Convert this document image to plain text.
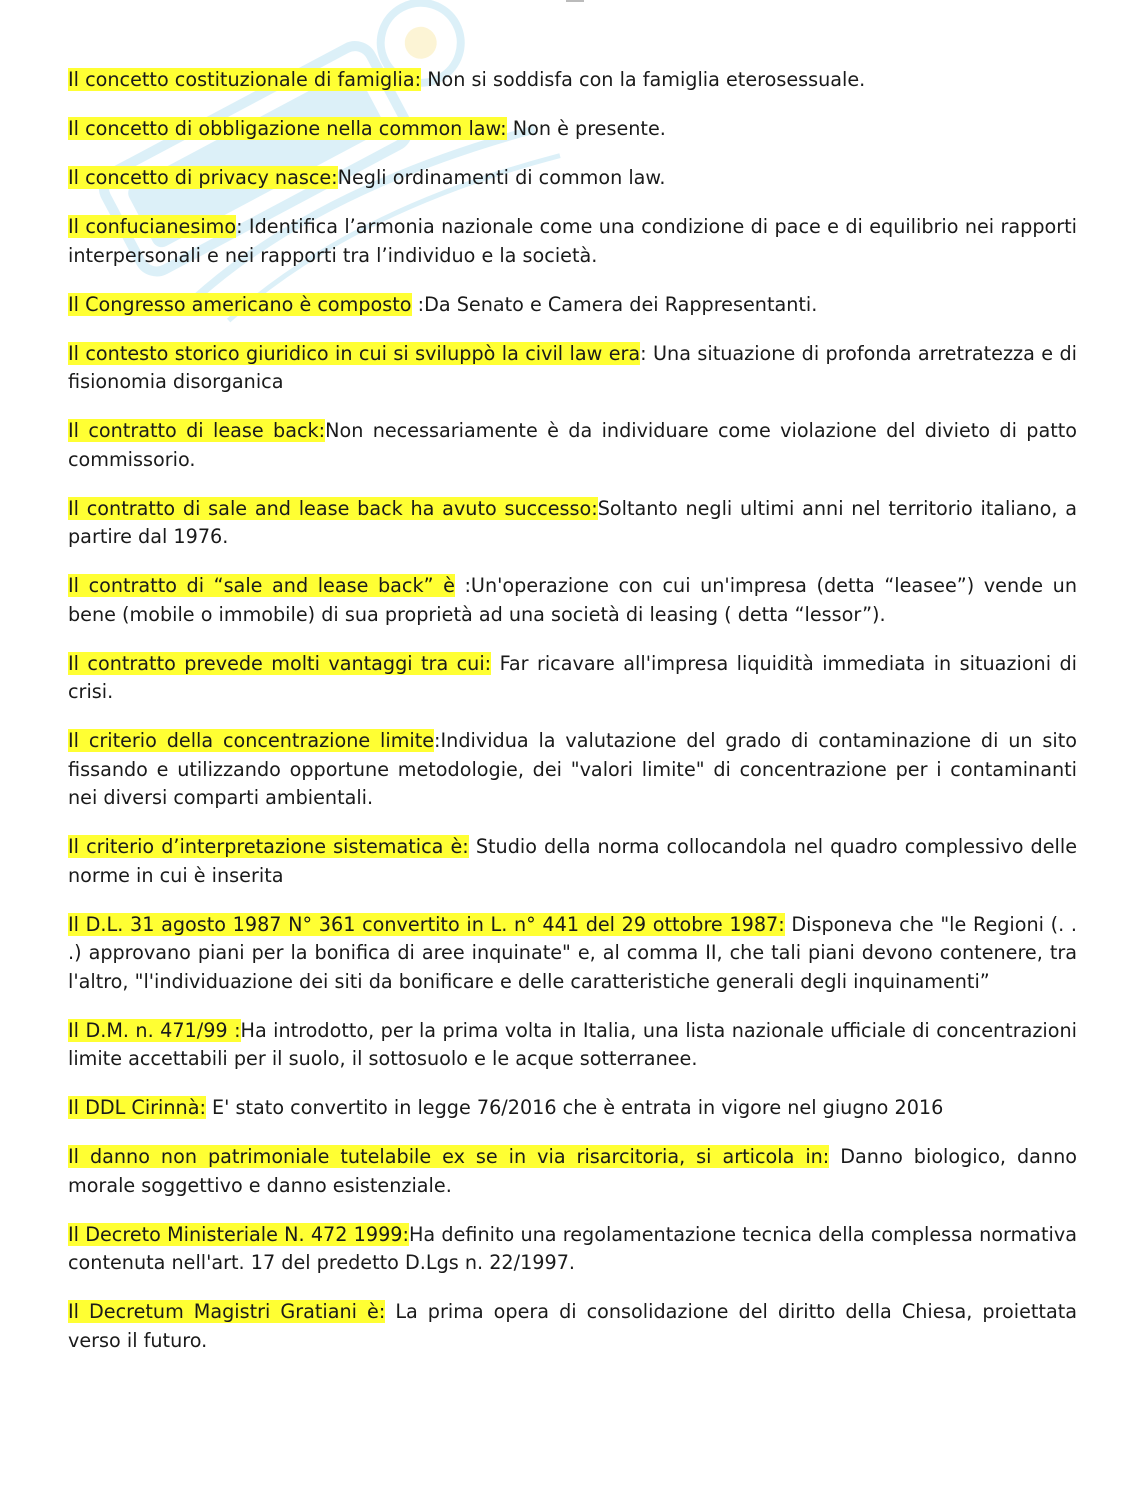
Il concetto costituzionale di famiglia: Non si soddisfa con la famiglia eterosessuale.

Il concetto di obbligazione nella common law: Non è presente.

Il concetto di privacy nasce:Negli ordinamenti di common law.

Il confucianesimo: Identifica l’armonia nazionale come una condizione di pace e di equilibrio nei rapporti interpersonali e nei rapporti tra l’individuo e la società.

Il Congresso americano è composto :Da Senato e Camera dei Rappresentanti.

Il contesto storico giuridico in cui si sviluppò la civil law era: Una situazione di profonda arretratezza e di fisionomia disorganica

Il contratto di lease back:Non necessariamente è da individuare come violazione del divieto di patto commissorio.

Il contratto di sale and lease back ha avuto successo:Soltanto negli ultimi anni nel territorio italiano, a partire dal 1976.

Il contratto di “sale and lease back” è :Un'operazione con cui un'impresa (detta “leasee”) vende un bene (mobile o immobile) di sua proprietà ad una società di leasing ( detta “lessor”).

Il contratto prevede molti vantaggi tra cui: Far ricavare all'impresa liquidità immediata in situazioni di crisi.

Il criterio della concentrazione limite:Individua la valutazione del grado di contaminazione di un sito fissando e utilizzando opportune metodologie, dei "valori limite" di concentrazione per i contaminanti nei diversi comparti ambientali.

Il criterio d’interpretazione sistematica è: Studio della norma collocandola nel quadro complessivo delle norme in cui è inserita

Il D.L. 31 agosto 1987 N° 361 convertito in L. n° 441 del 29 ottobre 1987: Disponeva che "le Regioni (. . .) approvano piani per la bonifica di aree inquinate" e, al comma II, che tali piani devono contenere, tra l'altro, "l'individuazione dei siti da bonificare e delle caratteristiche generali degli inquinamenti”

Il D.M. n. 471/99 :Ha introdotto, per la prima volta in Italia, una lista nazionale ufficiale di concentrazioni limite accettabili per il suolo, il sottosuolo e le acque sotterranee.

Il DDL Cirinnà: E' stato convertito in legge 76/2016 che è entrata in vigore nel giugno 2016

Il danno non patrimoniale tutelabile ex se in via risarcitoria, si articola in: Danno biologico, danno morale soggettivo e danno esistenziale.

Il Decreto Ministeriale N. 472 1999:Ha definito una regolamentazione tecnica della complessa normativa contenuta nell'art. 17 del predetto D.Lgs n. 22/1997.

Il Decretum Magistri Gratiani è: La prima opera di consolidazione del diritto della Chiesa, proiettata verso il futuro.
